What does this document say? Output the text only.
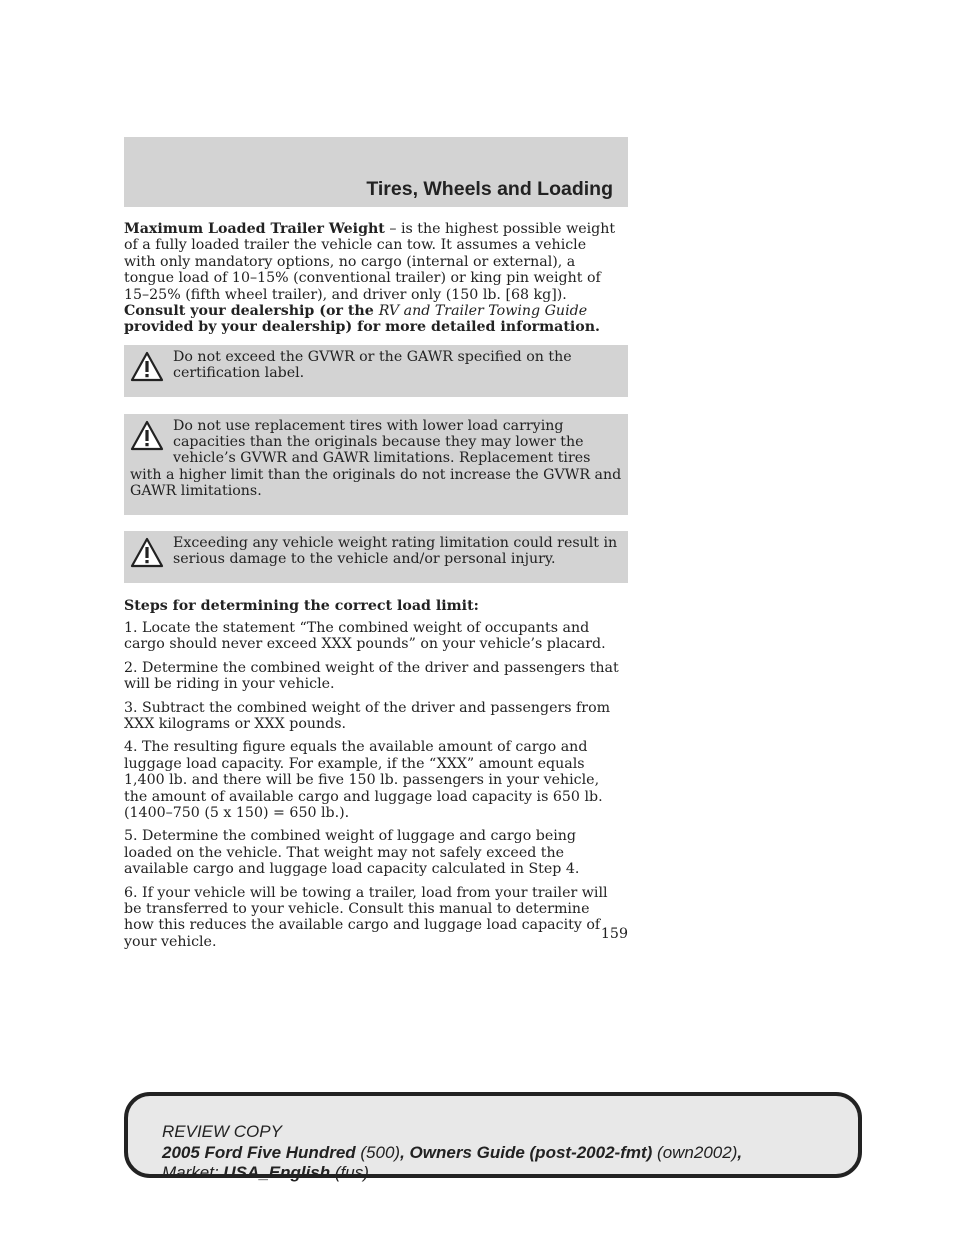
Tires, Wheels and Loading

Maximum Loaded Trailer Weight – is the highest possible weight of a fully loaded trailer the vehicle can tow. It assumes a vehicle with only mandatory options, no cargo (internal or external), a tongue load of 10–15% (conventional trailer) or king pin weight of 15–25% (fifth wheel trailer), and driver only (150 lb. [68 kg]). Consult your dealership (or the RV and Trailer Towing Guide provided by your dealership) for more detailed information.

Do not exceed the GVWR or the GAWR specified on the certification label.

Do not use replacement tires with lower load carrying capacities than the originals because they may lower the vehicle’s GVWR and GAWR limitations. Replacement tires with a higher limit than the originals do not increase the GVWR and GAWR limitations.

Exceeding any vehicle weight rating limitation could result in serious damage to the vehicle and/or personal injury.

Steps for determining the correct load limit:

1. Locate the statement “The combined weight of occupants and cargo should never exceed XXX pounds” on your vehicle’s placard.

2. Determine the combined weight of the driver and passengers that will be riding in your vehicle.

3. Subtract the combined weight of the driver and passengers from XXX kilograms or XXX pounds.

4. The resulting figure equals the available amount of cargo and luggage load capacity. For example, if the “XXX” amount equals 1,400 lb. and there will be five 150 lb. passengers in your vehicle, the amount of available cargo and luggage load capacity is 650 lb. (1400–750 (5 x 150) = 650 lb.).

5. Determine the combined weight of luggage and cargo being loaded on the vehicle. That weight may not safely exceed the available cargo and luggage load capacity calculated in Step 4.

6. If your vehicle will be towing a trailer, load from your trailer will be transferred to your vehicle. Consult this manual to determine how this reduces the available cargo and luggage load capacity of your vehicle.	159
REVIEW COPY
2005 Ford Five Hundred (500), Owners Guide (post-2002-fmt) (own2002),
Market: USA_English (fus)
